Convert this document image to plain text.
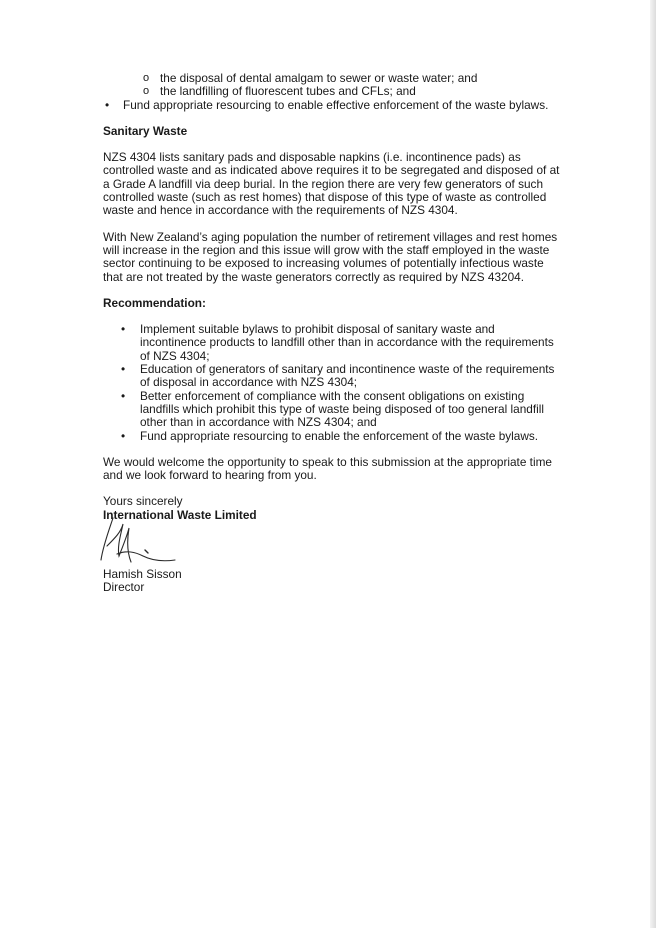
o the disposal of dental amalgam to sewer or waste water; and
o the landfilling of fluorescent tubes and CFLs; and
• Fund appropriate resourcing to enable effective enforcement of the waste bylaws.
Sanitary Waste

NZS 4304 lists sanitary pads and disposable napkins (i.e. incontinence pads) as controlled waste and as indicated above requires it to be segregated and disposed of at a Grade A landfill via deep burial. In the region there are very few generators of such controlled waste (such as rest homes) that dispose of this type of waste as controlled waste and hence in accordance with the requirements of NZS 4304.

With New Zealand’s aging population the number of retirement villages and rest homes will increase in the region and this issue will grow with the staff employed in the waste sector continuing to be exposed to increasing volumes of potentially infectious waste that are not treated by the waste generators correctly as required by NZS 43204.

Recommendation:
• Implement suitable bylaws to prohibit disposal of sanitary waste and incontinence products to landfill other than in accordance with the requirements of NZS 4304;
• Education of generators of sanitary and incontinence waste of the requirements of disposal in accordance with NZS 4304;
• Better enforcement of compliance with the consent obligations on existing landfills which prohibit this type of waste being disposed of too general landfill other than in accordance with NZS 4304; and
• Fund appropriate resourcing to enable the enforcement of the waste bylaws.

We would welcome the opportunity to speak to this submission at the appropriate time and we look forward to hearing from you.

Yours sincerely
International Waste Limited
Hamish Sisson
Director
